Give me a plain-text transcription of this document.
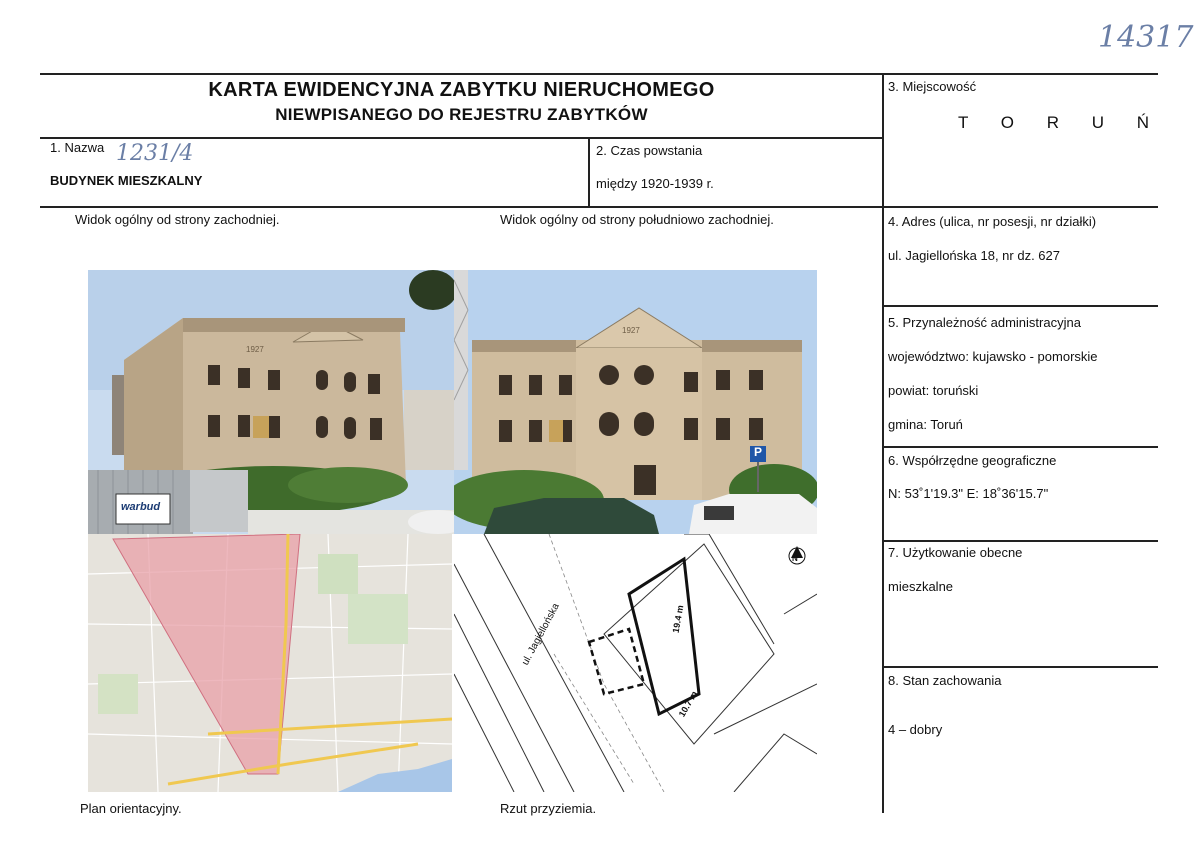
14317
KARTA EWIDENCYJNA ZABYTKU NIERUCHOMEGO
NIEWPISANEGO DO REJESTRU ZABYTKÓW
1. Nazwa 1231/4
BUDYNEK MIESZKALNY
2. Czas powstania
między 1920-1939 r.
3. Miejscowość
T O R U Ń
4. Adres (ulica, nr posesji, nr działki)
ul. Jagiellońska 18, nr dz. 627
5. Przynależność administracyjna
województwo: kujawsko - pomorskie
powiat: toruński
gmina: Toruń
6. Współrzędne geograficzne
N: 53˚1'19.3" E: 18˚36'15.7"
7. Użytkowanie obecne
mieszkalne
8. Stan zachowania
4 – dobry
Widok ogólny od strony zachodniej.	Widok ogólny od strony południowo zachodniej.
Plan orientacyjny.	Rzut przyziemia.
1927
warbud
1927
P
N
ul. Jagiellońska	19.4 m
10.7 m
